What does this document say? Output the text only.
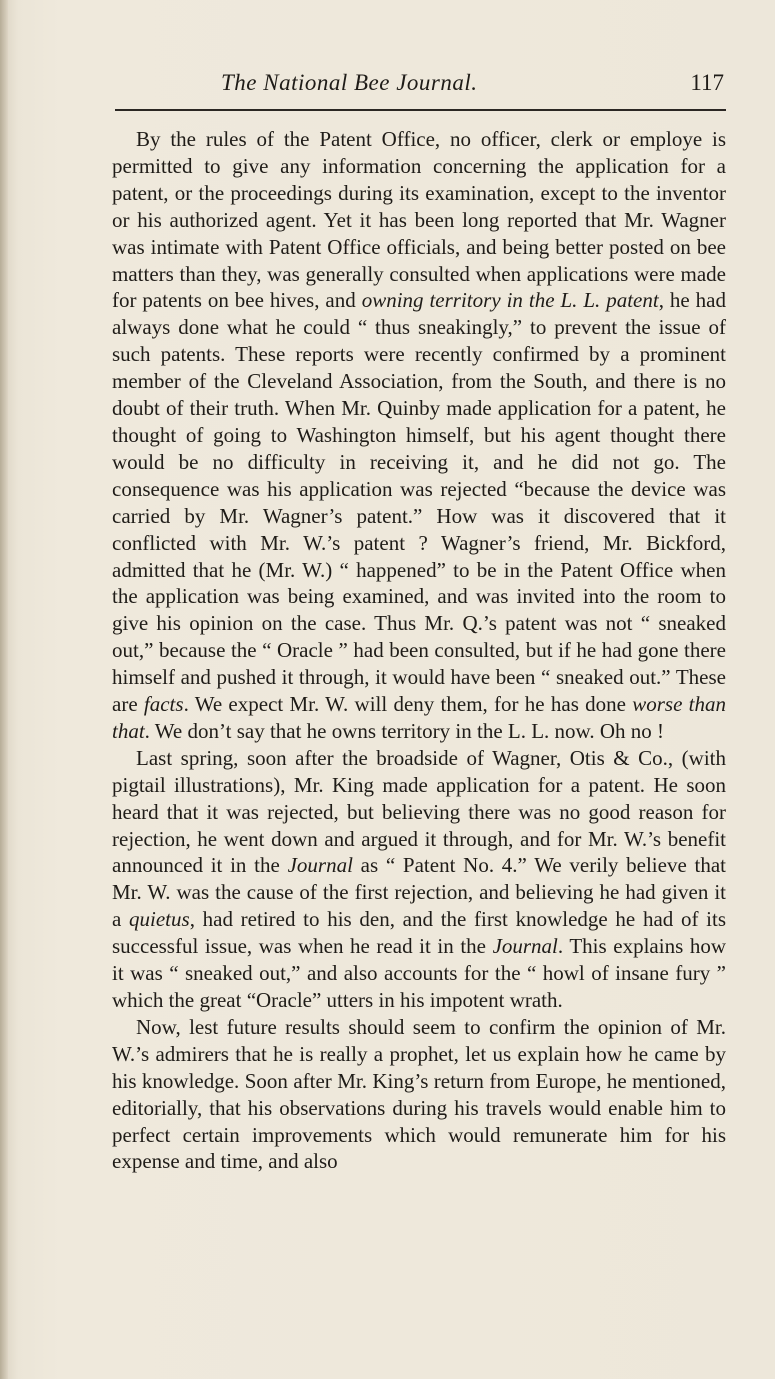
The National Bee Journal.	117

By the rules of the Patent Office, no officer, clerk or employe is permitted to give any information concerning the application for a patent, or the proceedings during its examination, except to the inventor or his authorized agent. Yet it has been long reported that Mr. Wagner was intimate with Patent Office officials, and being better posted on bee matters than they, was generally consulted when applications were made for patents on bee hives, and owning territory in the L. L. patent, he had always done what he could “ thus sneakingly,” to prevent the issue of such patents. These reports were recently confirmed by a prominent member of the Cleveland Association, from the South, and there is no doubt of their truth. When Mr. Quinby made application for a patent, he thought of going to Washington himself, but his agent thought there would be no difficulty in receiving it, and he did not go. The consequence was his application was rejected “because the device was carried by Mr. Wagner’s patent.” How was it discovered that it conflicted with Mr. W.’s patent ? Wagner’s friend, Mr. Bickford, admitted that he (Mr. W.) “ happened” to be in the Patent Office when the application was being examined, and was invited into the room to give his opinion on the case. Thus Mr. Q.’s patent was not “ sneaked out,” because the “ Oracle ” had been consulted, but if he had gone there himself and pushed it through, it would have been “ sneaked out.” These are facts. We expect Mr. W. will deny them, for he has done worse than that. We don’t say that he owns territory in the L. L. now. Oh no !

Last spring, soon after the broadside of Wagner, Otis & Co., (with pigtail illustrations), Mr. King made application for a patent. He soon heard that it was rejected, but believing there was no good reason for rejection, he went down and argued it through, and for Mr. W.’s benefit announced it in the Journal as “ Patent No. 4.” We verily believe that Mr. W. was the cause of the first rejection, and believing he had given it a quietus, had retired to his den, and the first knowledge he had of its successful issue, was when he read it in the Journal. This explains how it was “ sneaked out,” and also accounts for the “ howl of insane fury ” which the great “Oracle” utters in his impotent wrath.

Now, lest future results should seem to confirm the opinion of Mr. W.’s admirers that he is really a prophet, let us explain how he came by his knowledge. Soon after Mr. King’s return from Europe, he mentioned, editorially, that his observations during his travels would enable him to perfect certain improvements which would remunerate him for his expense and time, and also
